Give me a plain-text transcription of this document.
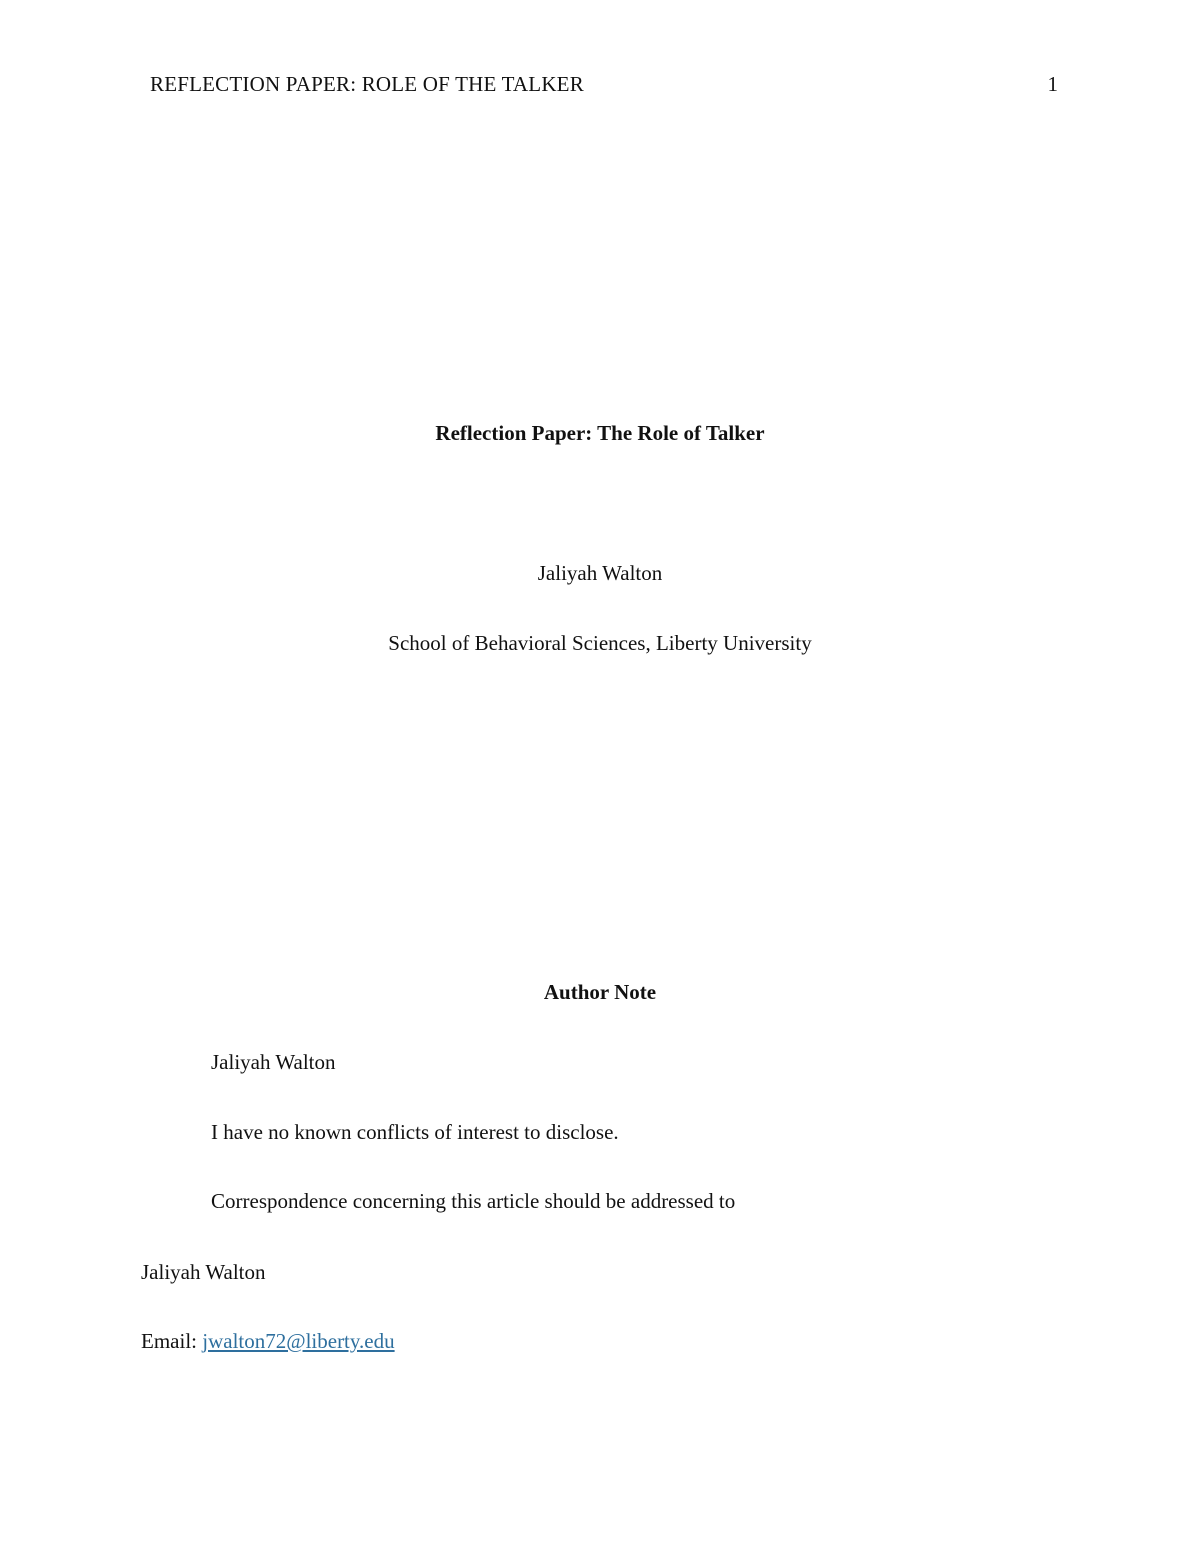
REFLECTION PAPER: ROLE OF THE TALKER	1
Reflection Paper: The Role of Talker
Jaliyah Walton
School of Behavioral Sciences, Liberty University
Author Note
Jaliyah Walton
I have no known conflicts of interest to disclose.
Correspondence concerning this article should be addressed to
Jaliyah Walton
Email: jwalton72@liberty.edu
